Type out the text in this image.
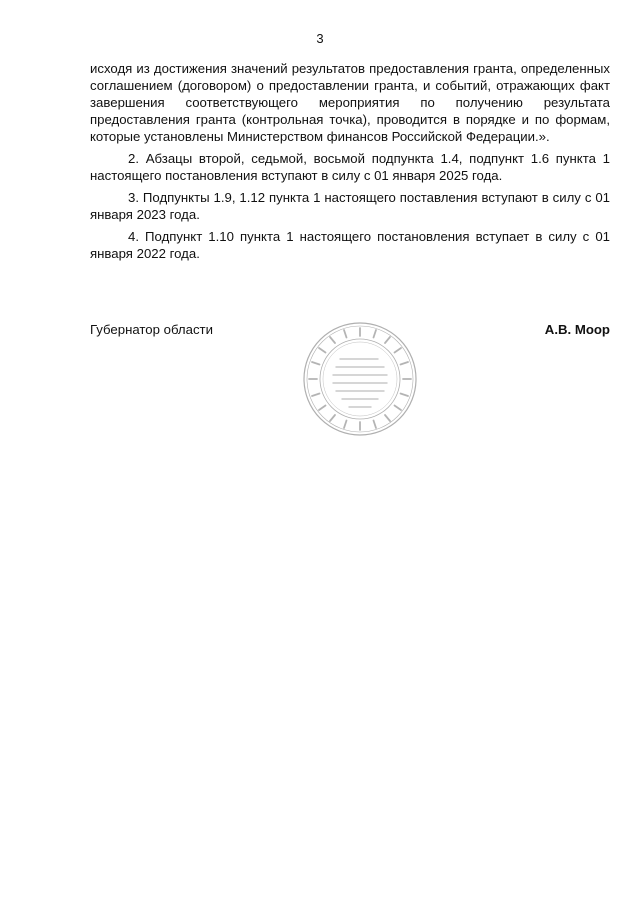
3

исходя из достижения значений результатов предоставления гранта, определенных соглашением (договором) о предоставлении гранта, и событий, отражающих факт завершения соответствующего мероприятия по получению результата предоставления гранта (контрольная точка), проводится в порядке и по формам, которые установлены Министерством финансов Российской Федерации.».

2. Абзацы второй, седьмой, восьмой подпункта 1.4, подпункт 1.6 пункта 1 настоящего постановления вступают в силу с 01 января 2025 года.

3. Подпункты 1.9, 1.12 пункта 1 настоящего поставления вступают в силу с 01 января 2023 года.

4. Подпункт 1.10 пункта 1 настоящего постановления вступает в силу с 01 января 2022 года.

Губернатор области	А.В. Моор
